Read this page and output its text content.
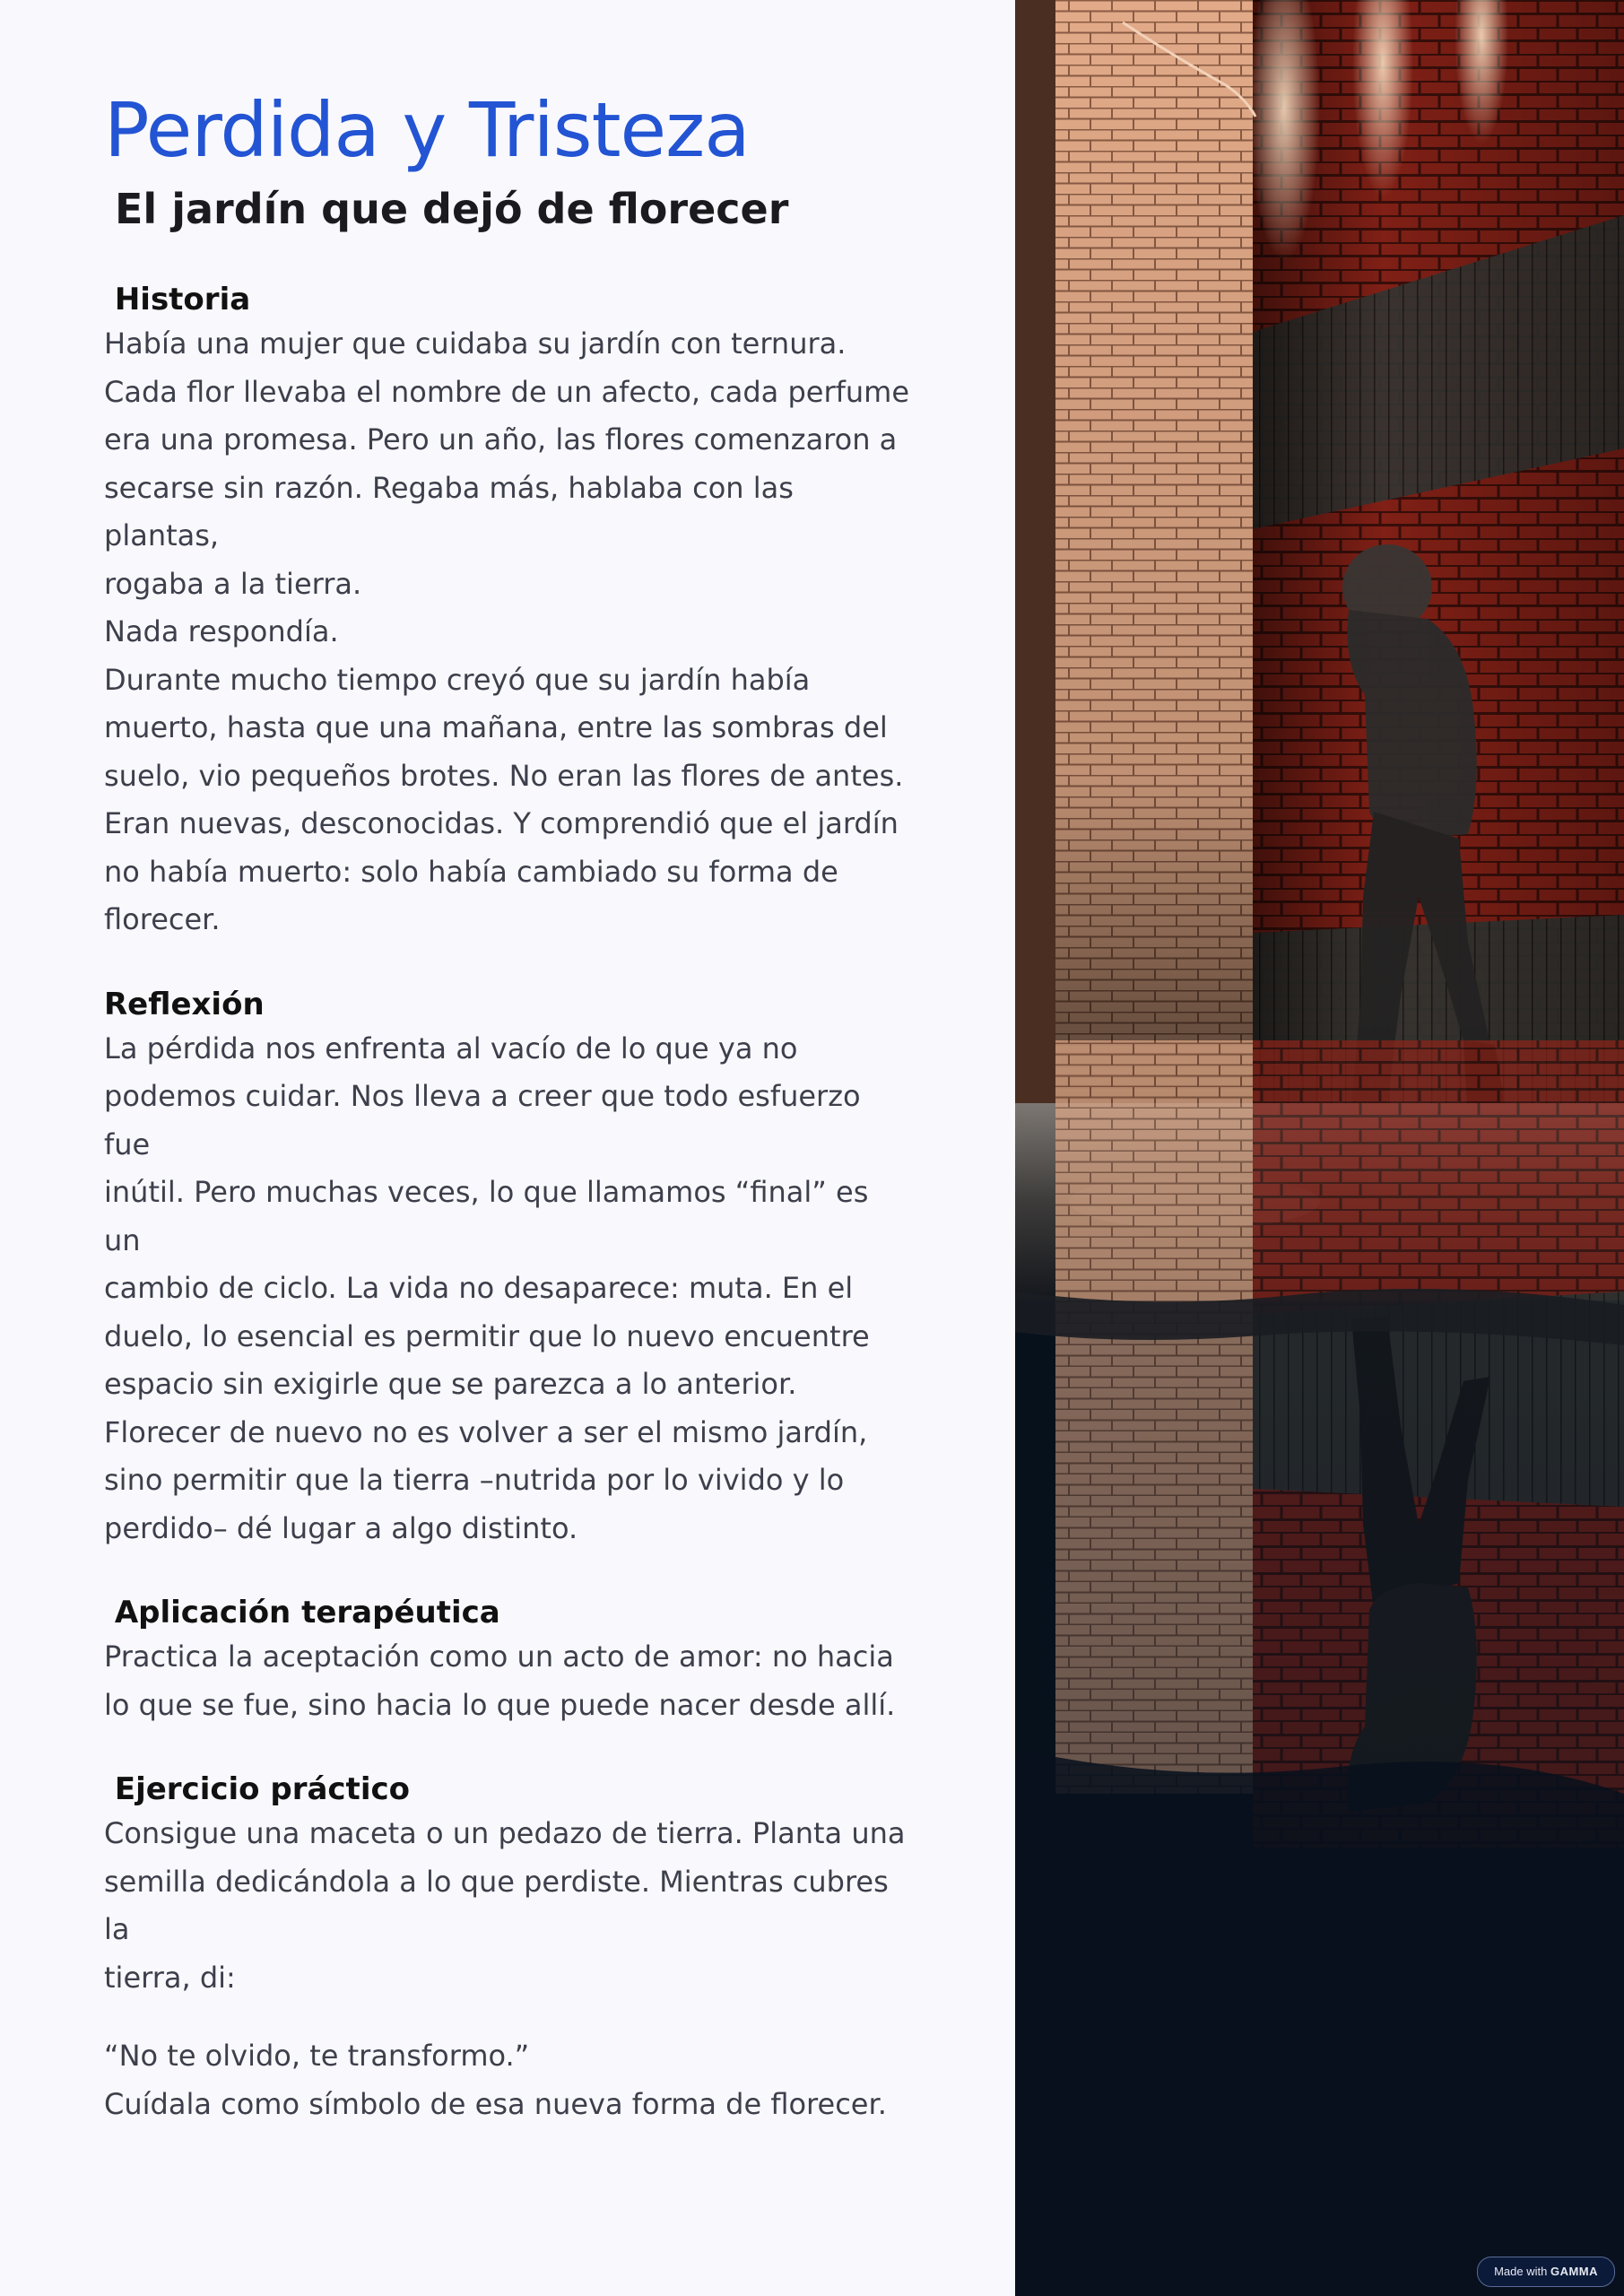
Perdida y Tristeza
El jardín que dejó de florecer
Historia

Había una mujer que cuidaba su jardín con ternura.
Cada flor llevaba el nombre de un afecto, cada perfume
era una promesa. Pero un año, las flores comenzaron a
secarse sin razón. Regaba más, hablaba con las plantas,
rogaba a la tierra.
Nada respondía.
Durante mucho tiempo creyó que su jardín había
muerto, hasta que una mañana, entre las sombras del
suelo, vio pequeños brotes. No eran las flores de antes.
Eran nuevas, desconocidas. Y comprendió que el jardín
no había muerto: solo había cambiado su forma de
florecer.

Reflexión

La pérdida nos enfrenta al vacío de lo que ya no
podemos cuidar. Nos lleva a creer que todo esfuerzo fue
inútil. Pero muchas veces, lo que llamamos “final” es un
cambio de ciclo. La vida no desaparece: muta. En el
duelo, lo esencial es permitir que lo nuevo encuentre
espacio sin exigirle que se parezca a lo anterior.
Florecer de nuevo no es volver a ser el mismo jardín,
sino permitir que la tierra –nutrida por lo vivido y lo
perdido– dé lugar a algo distinto.

Aplicación terapéutica

Practica la aceptación como un acto de amor: no hacia
lo que se fue, sino hacia lo que puede nacer desde allí.

Ejercicio práctico

Consigue una maceta o un pedazo de tierra. Planta una
semilla dedicándola a lo que perdiste. Mientras cubres la
tierra, di:

“No te olvido, te transformo.”

Cuídala como símbolo de esa nueva forma de florecer.

Made with GAMMA
